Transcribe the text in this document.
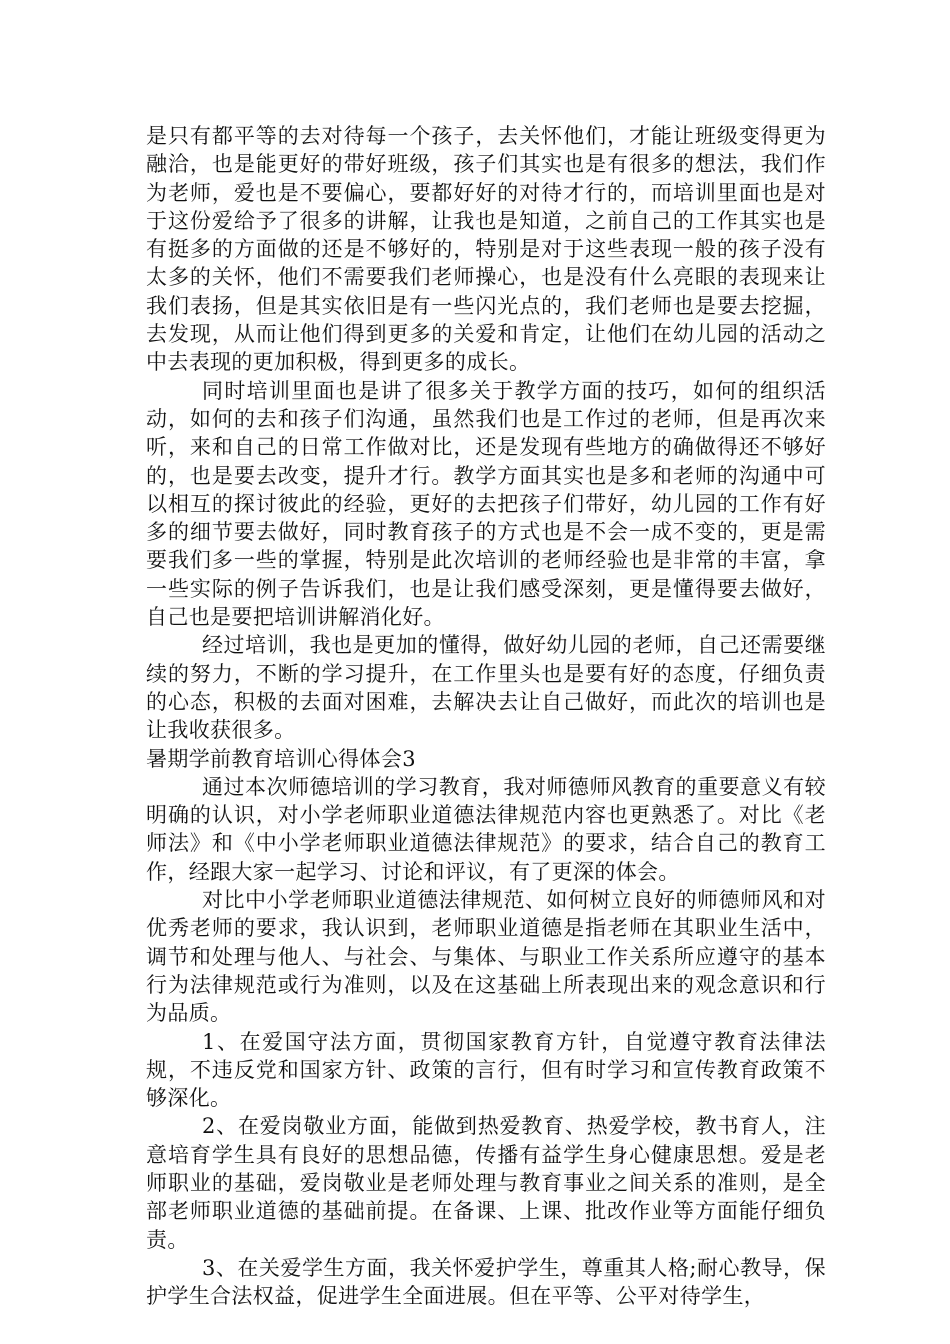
是只有都平等的去对待每一个孩子，去关怀他们，才能让班级变得更为融洽，也是能更好的带好班级，孩子们其实也是有很多的想法，我们作为老师，爱也是不要偏心，要都好好的对待才行的，而培训里面也是对于这份爱给予了很多的讲解，让我也是知道，之前自己的工作其实也是有挺多的方面做的还是不够好的，特别是对于这些表现一般的孩子没有太多的关怀，他们不需要我们老师操心，也是没有什么亮眼的表现来让我们表扬，但是其实依旧是有一些闪光点的，我们老师也是要去挖掘，去发现，从而让他们得到更多的关爱和肯定，让他们在幼儿园的活动之中去表现的更加积极，得到更多的成长。

同时培训里面也是讲了很多关于教学方面的技巧，如何的组织活动，如何的去和孩子们沟通，虽然我们也是工作过的老师，但是再次来听，来和自己的日常工作做对比，还是发现有些地方的确做得还不够好的，也是要去改变，提升才行。教学方面其实也是多和老师的沟通中可以相互的探讨彼此的经验，更好的去把孩子们带好，幼儿园的工作有好多的细节要去做好，同时教育孩子的方式也是不会一成不变的，更是需要我们多一些的掌握，特别是此次培训的老师经验也是非常的丰富，拿一些实际的例子告诉我们，也是让我们感受深刻，更是懂得要去做好，自己也是要把培训讲解消化好。

经过培训，我也是更加的懂得，做好幼儿园的老师，自己还需要继续的努力，不断的学习提升，在工作里头也是要有好的态度，仔细负责的心态，积极的去面对困难，去解决去让自己做好，而此次的培训也是让我收获很多。

暑期学前教育培训心得体会3

通过本次师德培训的学习教育，我对师德师风教育的重要意义有较明确的认识，对小学老师职业道德法律规范内容也更熟悉了。对比《老师法》和《中小学老师职业道德法律规范》的要求，结合自己的教育工作，经跟大家一起学习、讨论和评议，有了更深的体会。

对比中小学老师职业道德法律规范、如何树立良好的师德师风和对优秀老师的要求，我认识到，老师职业道德是指老师在其职业生活中，调节和处理与他人、与社会、与集体、与职业工作关系所应遵守的基本行为法律规范或行为准则，以及在这基础上所表现出来的观念意识和行为品质。

1、在爱国守法方面，贯彻国家教育方针，自觉遵守教育法律法规，不违反党和国家方针、政策的言行，但有时学习和宣传教育政策不够深化。

2、在爱岗敬业方面，能做到热爱教育、热爱学校，教书育人，注意培育学生具有良好的思想品德，传播有益学生身心健康思想。爱是老师职业的基础，爱岗敬业是老师处理与教育事业之间关系的准则，是全部老师职业道德的基础前提。在备课、上课、批改作业等方面能仔细负责。

3、在关爱学生方面，我关怀爱护学生，尊重其人格;耐心教导，保护学生合法权益，促进学生全面进展。但在平等、公平对待学生，
